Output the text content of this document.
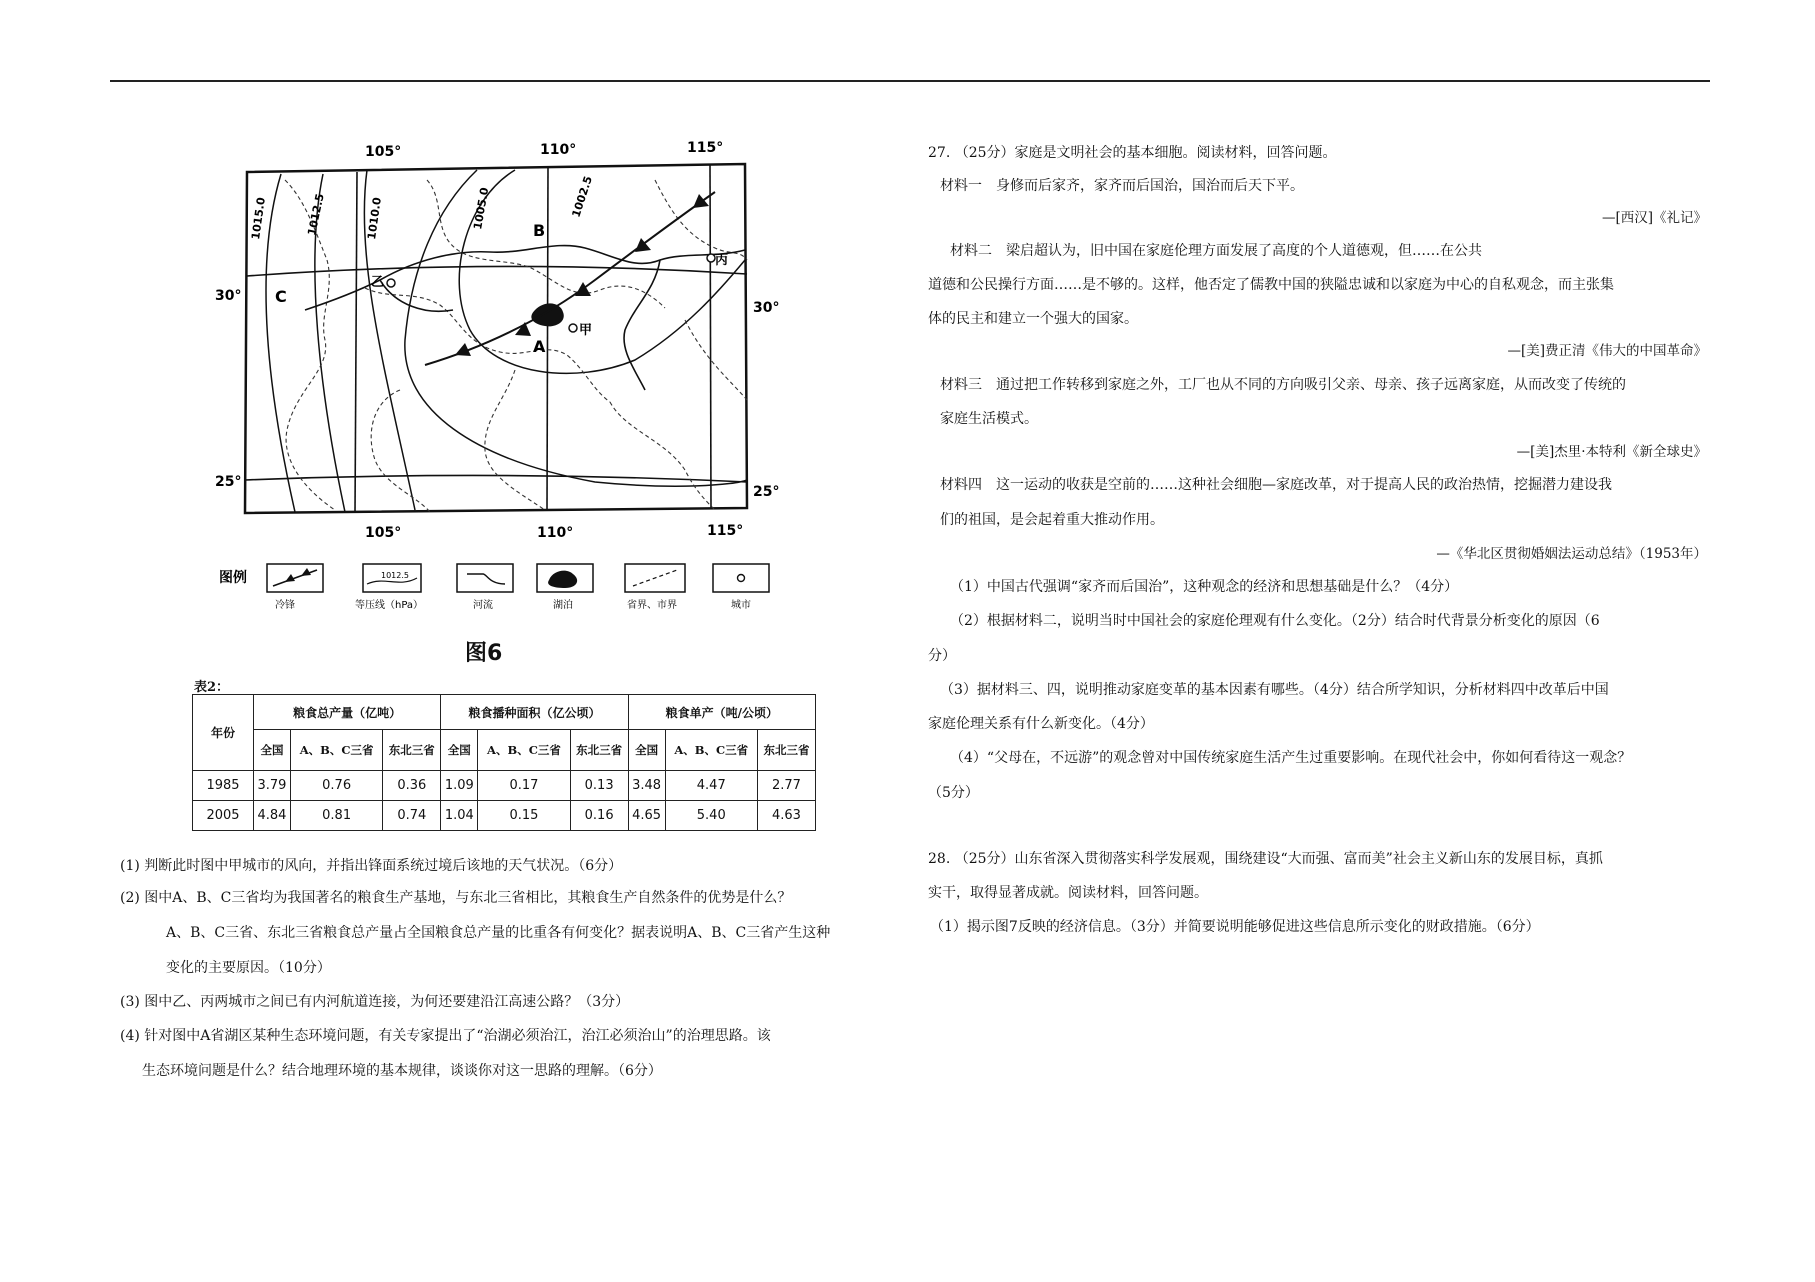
105°	110°	115°
105°	110°	115°
30°
30°
25°
25°
1015.0	1012.5	1010.0	1005.0	1002.5
甲
乙
丙
A
B
C
图例
冷锋
1012.5
等压线（hPa）	河流	湖泊	省界、市界	城市
图6
表2：
年份	粮食总产量（亿吨）			粮食播种面积（亿公顷）			粮食单产（吨/公顷）		
	全国	A、B、C三省	东北三省	全国	A、B、C三省	东北三省	全国	A、B、C三省	东北三省
1985	3.79	0.76	0.36	1.09	0.17	0.13	3.48	4.47	2.77
2005	4.84	0.81	0.74	1.04	0.15	0.16	4.65	5.40	4.63
(1) 判断此时图中甲城市的风向，并指出锋面系统过境后该地的天气状况。（6分）
(2) 图中A、B、C三省均为我国著名的粮食生产基地，与东北三省相比，其粮食生产自然条件的优势是什么？
A、B、C三省、东北三省粮食总产量占全国粮食总产量的比重各有何变化？据表说明A、B、C三省产生这种
变化的主要原因。（10分）
(3) 图中乙、丙两城市之间已有内河航道连接，为何还要建沿江高速公路？（3分）
(4) 针对图中A省湖区某种生态环境问题，有关专家提出了“治湖必须治江，治江必须治山”的治理思路。该
生态环境问题是什么？结合地理环境的基本规律，谈谈你对这一思路的理解。（6分）
27. （25分）家庭是文明社会的基本细胞。阅读材料，回答问题。
材料一　身修而后家齐，家齐而后国治，国治而后天下平。
—[西汉]《礼记》
材料二　梁启超认为，旧中国在家庭伦理方面发展了高度的个人道德观，但……在公共
道德和公民操行方面……是不够的。这样，他否定了儒教中国的狭隘忠诚和以家庭为中心的自私观念，而主张集
体的民主和建立一个强大的国家。
—[美]费正清《伟大的中国革命》
材料三　通过把工作转移到家庭之外，工厂也从不同的方向吸引父亲、母亲、孩子远离家庭，从而改变了传统的
家庭生活模式。
—[美]杰里·本特利《新全球史》
材料四　这一运动的收获是空前的……这种社会细胞—家庭改革，对于提高人民的政治热情，挖掘潜力建设我
们的祖国，是会起着重大推动作用。
—《华北区贯彻婚姻法运动总结》（1953年）
（1）中国古代强调“家齐而后国治”，这种观念的经济和思想基础是什么？（4分）
（2）根据材料二，说明当时中国社会的家庭伦理观有什么变化。（2分）结合时代背景分析变化的原因（6
分）
（3）据材料三、四，说明推动家庭变革的基本因素有哪些。（4分）结合所学知识，分析材料四中改革后中国
家庭伦理关系有什么新变化。（4分）
（4）“父母在，不远游”的观念曾对中国传统家庭生活产生过重要影响。在现代社会中，你如何看待这一观念？
（5分）
28. （25分）山东省深入贯彻落实科学发展观，围绕建设“大而强、富而美”社会主义新山东的发展目标，真抓
实干，取得显著成就。阅读材料，回答问题。
（1）揭示图7反映的经济信息。（3分）并简要说明能够促进这些信息所示变化的财政措施。（6分）
